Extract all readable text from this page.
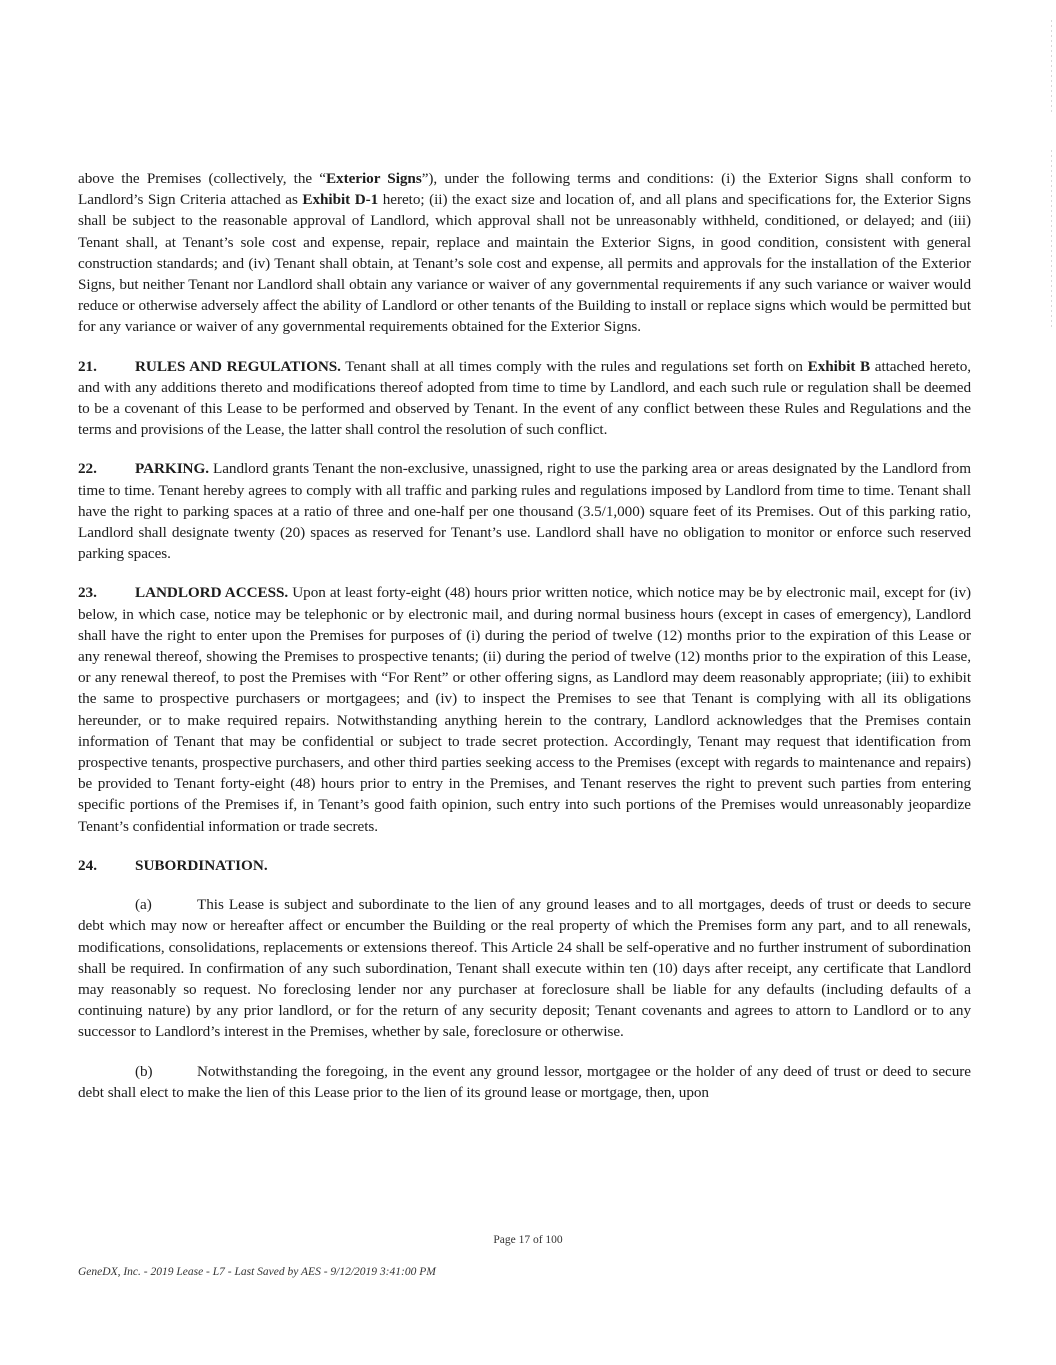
above the Premises (collectively, the “Exterior Signs”), under the following terms and conditions: (i) the Exterior Signs shall conform to Landlord’s Sign Criteria attached as Exhibit D-1 hereto; (ii) the exact size and location of, and all plans and specifications for, the Exterior Signs shall be subject to the reasonable approval of Landlord, which approval shall not be unreasonably withheld, conditioned, or delayed; and (iii) Tenant shall, at Tenant’s sole cost and expense, repair, replace and maintain the Exterior Signs, in good condition, consistent with general construction standards; and (iv) Tenant shall obtain, at Tenant’s sole cost and expense, all permits and approvals for the installation of the Exterior Signs, but neither Tenant nor Landlord shall obtain any variance or waiver of any governmental requirements if any such variance or waiver would reduce or otherwise adversely affect the ability of Landlord or other tenants of the Building to install or replace signs which would be permitted but for any variance or waiver of any governmental requirements obtained for the Exterior Signs.

21.	RULES AND REGULATIONS. Tenant shall at all times comply with the rules and regulations set forth on Exhibit B attached hereto, and with any additions thereto and modifications thereof adopted from time to time by Landlord, and each such rule or regulation shall be deemed to be a covenant of this Lease to be performed and observed by Tenant. In the event of any conflict between these Rules and Regulations and the terms and provisions of the Lease, the latter shall control the resolution of such conflict.

22.	PARKING. Landlord grants Tenant the non-exclusive, unassigned, right to use the parking area or areas designated by the Landlord from time to time. Tenant hereby agrees to comply with all traffic and parking rules and regulations imposed by Landlord from time to time. Tenant shall have the right to parking spaces at a ratio of three and one-half per one thousand (3.5/1,000) square feet of its Premises. Out of this parking ratio, Landlord shall designate twenty (20) spaces as reserved for Tenant’s use. Landlord shall have no obligation to monitor or enforce such reserved parking spaces.

23.	LANDLORD ACCESS. Upon at least forty-eight (48) hours prior written notice, which notice may be by electronic mail, except for (iv) below, in which case, notice may be telephonic or by electronic mail, and during normal business hours (except in cases of emergency), Landlord shall have the right to enter upon the Premises for purposes of (i) during the period of twelve (12) months prior to the expiration of this Lease or any renewal thereof, showing the Premises to prospective tenants; (ii) during the period of twelve (12) months prior to the expiration of this Lease, or any renewal thereof, to post the Premises with “For Rent” or other offering signs, as Landlord may deem reasonably appropriate; (iii) to exhibit the same to prospective purchasers or mortgagees; and (iv) to inspect the Premises to see that Tenant is complying with all its obligations hereunder, or to make required repairs. Notwithstanding anything herein to the contrary, Landlord acknowledges that the Premises contain information of Tenant that may be confidential or subject to trade secret protection. Accordingly, Tenant may request that identification from prospective tenants, prospective purchasers, and other third parties seeking access to the Premises (except with regards to maintenance and repairs) be provided to Tenant forty-eight (48) hours prior to entry in the Premises, and Tenant reserves the right to prevent such parties from entering specific portions of the Premises if, in Tenant’s good faith opinion, such entry into such portions of the Premises would unreasonably jeopardize Tenant’s confidential information or trade secrets.

24.	SUBORDINATION.

(a)	This Lease is subject and subordinate to the lien of any ground leases and to all mortgages, deeds of trust or deeds to secure debt which may now or hereafter affect or encumber the Building or the real property of which the Premises form any part, and to all renewals, modifications, consolidations, replacements or extensions thereof. This Article 24 shall be self-operative and no further instrument of subordination shall be required. In confirmation of any such subordination, Tenant shall execute within ten (10) days after receipt, any certificate that Landlord may reasonably so request. No foreclosing lender nor any purchaser at foreclosure shall be liable for any defaults (including defaults of a continuing nature) by any prior landlord, or for the return of any security deposit; Tenant covenants and agrees to attorn to Landlord or to any successor to Landlord’s interest in the Premises, whether by sale, foreclosure or otherwise.

(b)	Notwithstanding the foregoing, in the event any ground lessor, mortgagee or the holder of any deed of trust or deed to secure debt shall elect to make the lien of this Lease prior to the lien of its ground lease or mortgage, then, upon

Page 17 of 100
GeneDX, Inc. - 2019 Lease - L7 - Last Saved by AES - 9/12/2019 3:41:00 PM
